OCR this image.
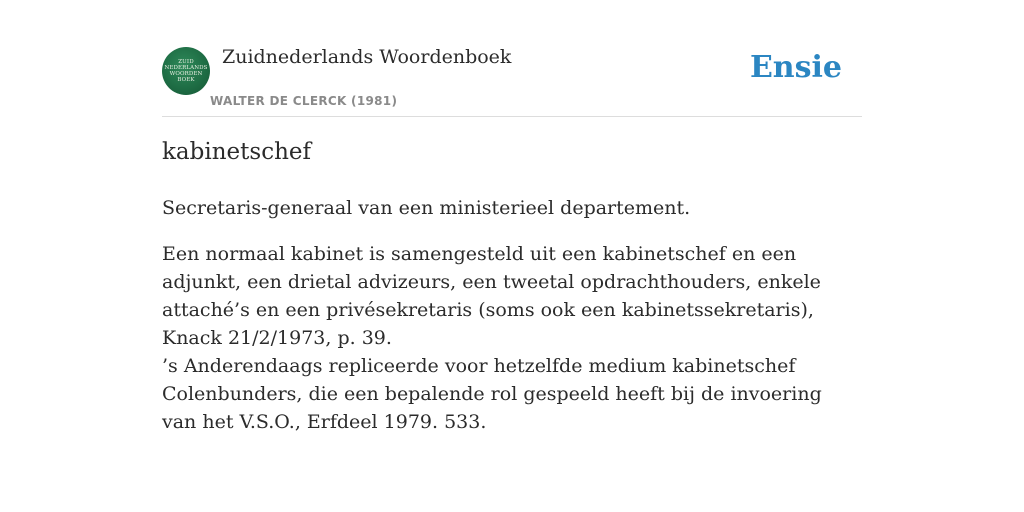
ZUID
NEDERLANDS
WOORDEN
BOEK
Zuidnederlands Woordenboek
WALTER DE CLERCK (1981)
Ensie
kabinetschef

Secretaris-generaal van een ministerieel departement.

Een normaal kabinet is samengesteld uit een kabinetschef en een adjunkt, een drietal advizeurs, een tweetal opdrachthouders, enkele attaché’s en een privésekretaris (soms ook een kabinetssekretaris), Knack 21/2/1973, p. 39.

’s Anderendaags repliceerde voor hetzelfde medium kabinetschef Colenbunders, die een bepalende rol gespeeld heeft bij de invoering van het V.S.O., Erfdeel 1979. 533.
